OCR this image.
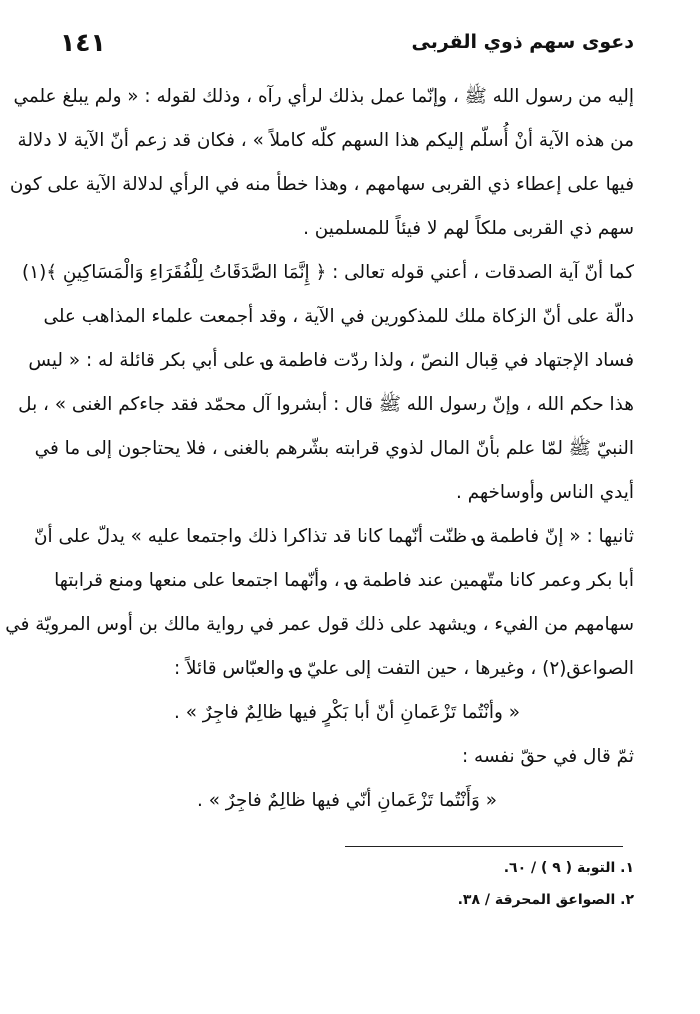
١٤١	دعوى سهم ذوي القربى
إليه من رسول الله ﷺ ، وإنّما عمل بذلك لرأي رآه ، وذلك لقوله : « ولم يبلغ علمي
من هذه الآية أنْ أُسلّم إليكم هذا السهم كلّه كاملاً » ، فكان قد زعم أنّ الآية لا دلالة
فيها على إعطاء ذي القربى سهامهم ، وهذا خطأ منه في الرأي لدلالة الآية على كون
سهم ذي القربى ملكاً لهم لا فيئاً للمسلمين .
كما أنّ آية الصدقات ، أعني قوله تعالى : ﴿ إِنَّمَا الصَّدَقَاتُ لِلْفُقَرَاءِ وَالْمَسَاكِينِ ﴾(١)
دالّة على أنّ الزكاة ملك للمذكورين في الآية ، وقد أجمعت علماء المذاهب على
فساد الإجتهاد في قِبال النصّ ، ولذا ردّت فاطمة ؈ على أبي بكر قائلة له : « ليس
هذا حكم الله ، وإنّ رسول الله ﷺ قال : أبشروا آل محمّد فقد جاءكم الغنى » ، بل
النبيّ ﷺ لمّا علم بأنّ المال لذوي قرابته بشّرهم بالغنى ، فلا يحتاجون إلى ما في
أيدي الناس وأوساخهم .
ثانيها : « إنّ فاطمة ؈ ظنّت أنّهما كانا قد تذاكرا ذلك واجتمعا عليه » يدلّ على أنّ
أبا بكر وعمر كانا متّهمين عند فاطمة ؈ ، وأنّهما اجتمعا على منعها ومنع قرابتها
سهامهم من الفيء ، ويشهد على ذلك قول عمر في رواية مالك بن أوس المرويّة في
الصواعق(٢) ، وغيرها ، حين التفت إلى عليّ ؈ والعبّاس قائلاً :
« وأنْتُما تَزْعَمانِ أنّ أبا بَكْرٍ فيها ظالِمٌ فاجِرٌ » .
ثمّ قال في حقّ نفسه :
« وَأَنْتُما تَزْعَمانِ أنّي فيها ظالِمٌ فاجِرٌ » .
١. التوبة ( ٩ ) / ٦٠.
٢. الصواعق المحرقة / ٣٨.
